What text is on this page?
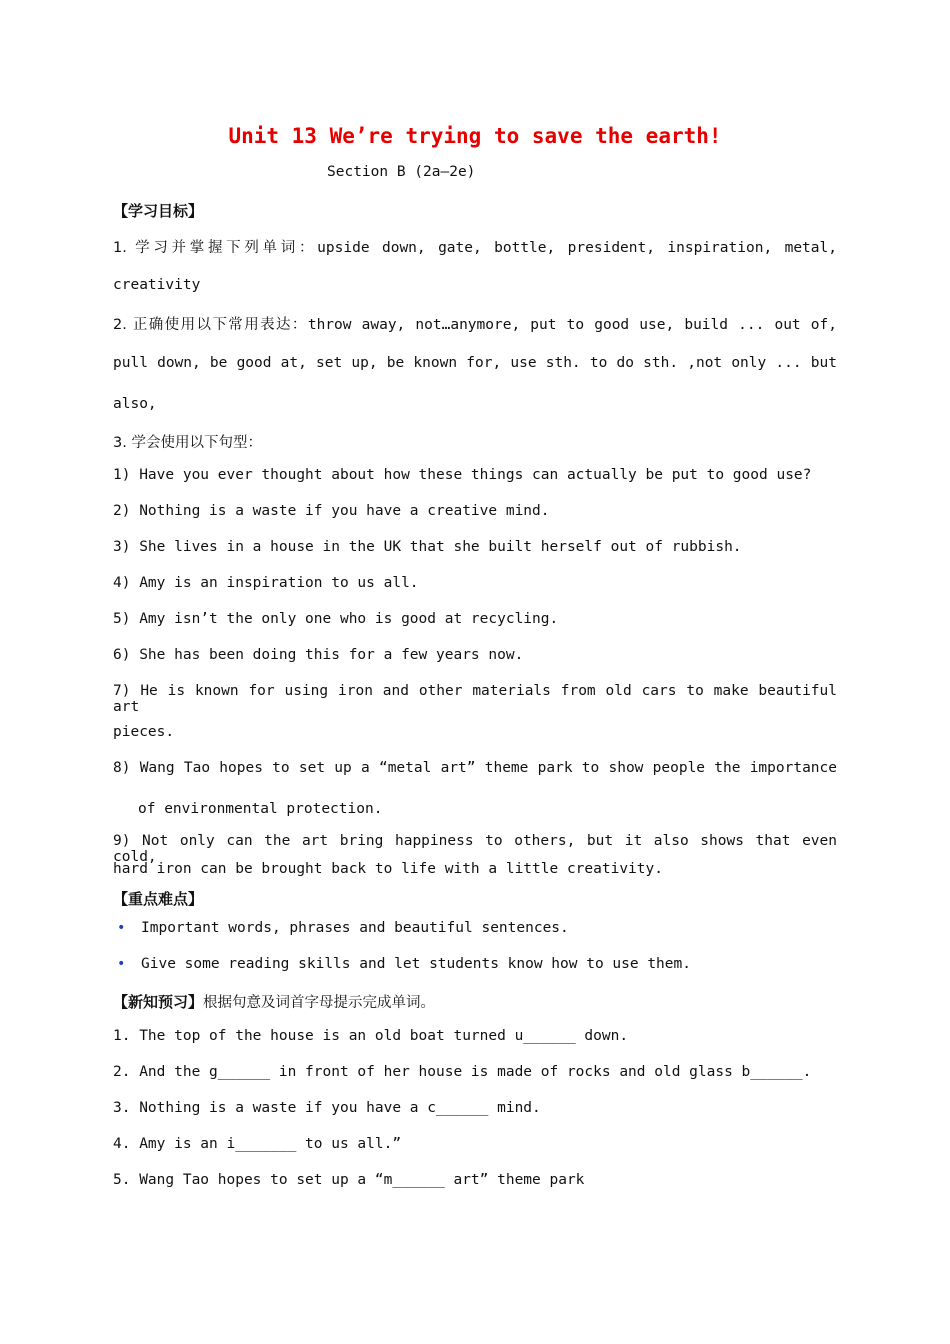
Unit 13 We’re trying to save the earth!
Section B (2a—2e)
【学习目标】
1. 学习并掌握下列单词：upside down, gate, bottle, president, inspiration, metal,
creativity
2. 正确使用以下常用表达：throw away, not…anymore, put to good use, build ... out of,
pull down, be good at, set up, be known for, use sth. to do sth. ,not only ... but
also,
3. 学会使用以下句型：
1) Have you ever thought about how these things can actually be put to good use?
2) Nothing is a waste if you have a creative mind.
3) She lives in a house in the UK that she built herself out of rubbish.
4) Amy is an inspiration to us all.
5) Amy isn’t the only one who is good at recycling.
6) She has been doing this for a few years now.
7) He is known for using iron and other materials from old cars to make beautiful art
pieces.
8) Wang Tao hopes to set up a “metal art” theme park to show people the importance
of environmental protection.
9) Not only can the art bring happiness to others, but it also shows that even cold,
hard iron can be brought back to life with a little creativity.
【重点难点】
• Important words, phrases and beautiful sentences.
• Give some reading skills and let students know how to use them.
【新知预习】根据句意及词首字母提示完成单词。
1. The top of the house is an old boat turned u______ down.
2. And the g______ in front of her house is made of rocks and old glass b______.
3. Nothing is a waste if you have a c______ mind.
4. Amy is an i_______ to us all.”
5. Wang Tao hopes to set up a “m______ art” theme park
